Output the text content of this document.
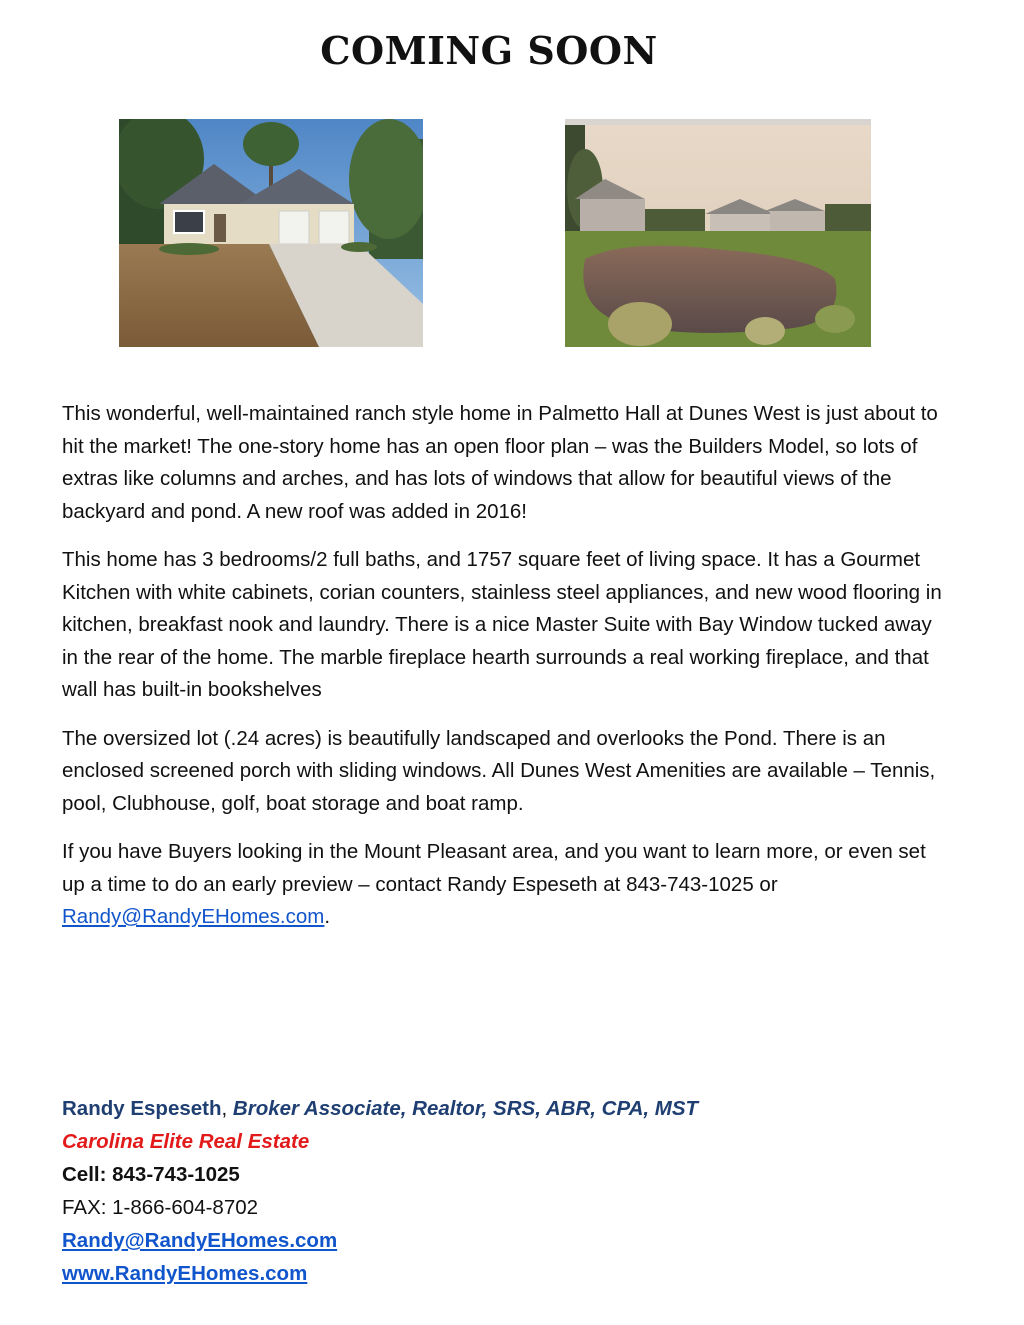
COMING SOON

This wonderful, well-maintained ranch style home in Palmetto Hall at Dunes West is just about to hit the market! The one-story home has an open floor plan – was the Builders Model, so lots of extras like columns and arches, and has lots of windows that allow for beautiful views of the backyard and pond. A new roof was added in 2016!

This home has 3 bedrooms/2 full baths, and 1757 square feet of living space. It has a Gourmet Kitchen with white cabinets, corian counters, stainless steel appliances, and new wood flooring in kitchen, breakfast nook and laundry. There is a nice Master Suite with Bay Window tucked away in the rear of the home. The marble fireplace hearth surrounds a real working fireplace, and that wall has built-in bookshelves

The oversized lot (.24 acres) is beautifully landscaped and overlooks the Pond. There is an enclosed screened porch with sliding windows. All Dunes West Amenities are available – Tennis, pool, Clubhouse, golf, boat storage and boat ramp.

If you have Buyers looking in the Mount Pleasant area, and you want to learn more, or even set up a time to do an early preview – contact Randy Espeseth at 843-743-1025 or Randy@RandyEHomes.com.

Randy Espeseth, Broker Associate, Realtor, SRS, ABR, CPA, MST
Carolina Elite Real Estate
Cell: 843-743-1025
FAX: 1-866-604-8702
Randy@RandyEHomes.com
www.RandyEHomes.com
